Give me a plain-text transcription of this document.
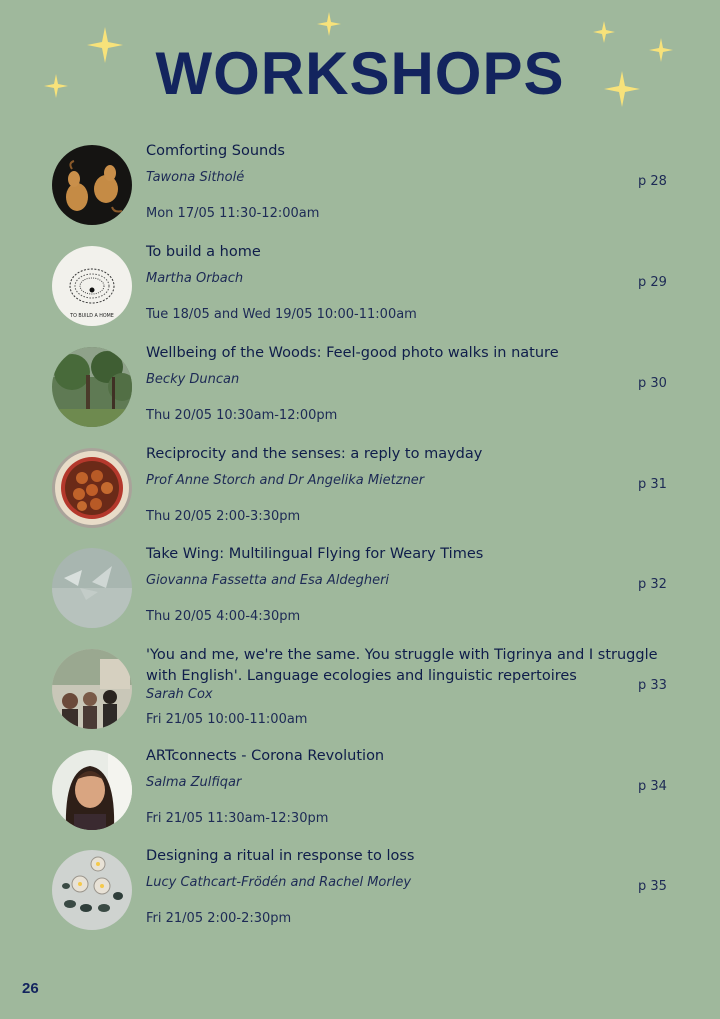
WORKSHOPS
Comforting Sounds
Tawona Sitholé
Mon 17/05 11:30-12:00am
p 28
TO BUILD A HOME
To build a home
Martha Orbach
Tue 18/05 and Wed 19/05 10:00-11:00am
p 29
Wellbeing of the Woods: Feel-good photo walks in nature
Becky Duncan
Thu 20/05 10:30am-12:00pm
p 30
Reciprocity and the senses: a reply to mayday
Prof Anne Storch and Dr Angelika Mietzner
Thu 20/05 2:00-3:30pm
p 31
Take Wing: Multilingual Flying for Weary Times
Giovanna Fassetta and Esa Aldegheri
Thu 20/05 4:00-4:30pm
p 32
'You and me, we're the same. You struggle with Tigrinya and I struggle with English'. Language ecologies and linguistic repertoires
Sarah Cox
Fri 21/05 10:00-11:00am
p 33
ARTconnects - Corona Revolution
Salma Zulfiqar
Fri 21/05 11:30am-12:30pm
p 34
Designing a ritual in response to loss
Lucy Cathcart-Frödén and Rachel Morley
Fri 21/05 2:00-2:30pm
p 35
26
